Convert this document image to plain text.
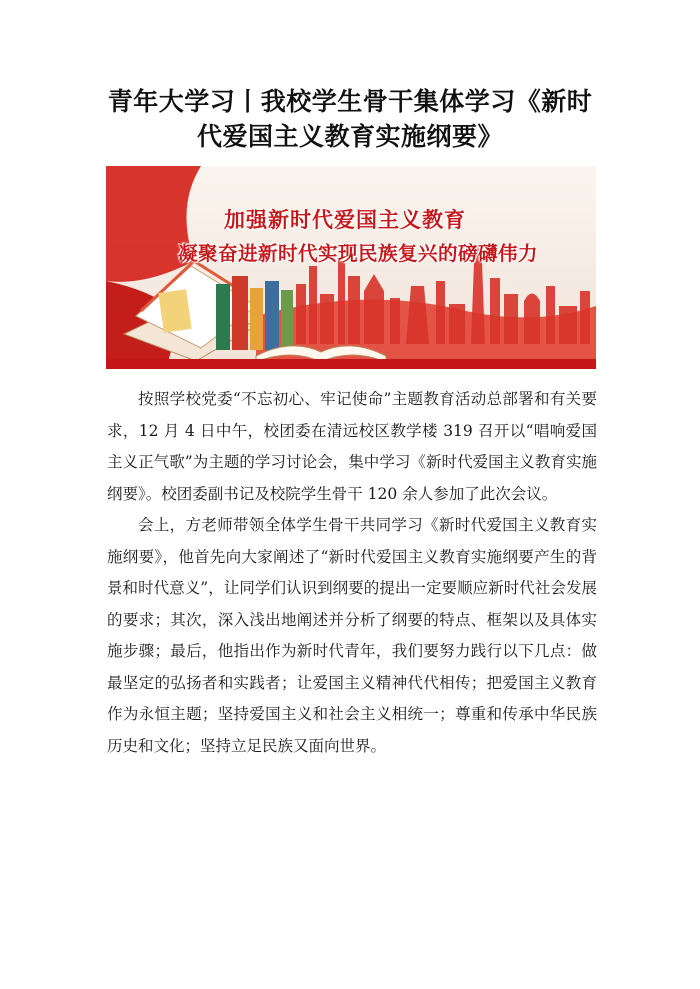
青年大学习丨我校学生骨干集体学习《新时
代爱国主义教育实施纲要》
加强新时代爱国主义教育
凝聚奋进新时代实现民族复兴的磅礴伟力

按照学校党委“不忘初心、牢记使命”主题教育活动总部署和有关要求，12 月 4 日中午，校团委在清远校区教学楼 319 召开以“唱响爱国主义正气歌”为主题的学习讨论会，集中学习《新时代爱国主义教育实施纲要》。校团委副书记及校院学生骨干 120 余人参加了此次会议。

会上，方老师带领全体学生骨干共同学习《新时代爱国主义教育实施纲要》，他首先向大家阐述了“新时代爱国主义教育实施纲要产生的背景和时代意义”，让同学们认识到纲要的提出一定要顺应新时代社会发展的要求；其次，深入浅出地阐述并分析了纲要的特点、框架以及具体实施步骤；最后，他指出作为新时代青年，我们要努力践行以下几点：做最坚定的弘扬者和实践者；让爱国主义精神代代相传；把爱国主义教育作为永恒主题；坚持爱国主义和社会主义相统一；尊重和传承中华民族历史和文化；坚持立足民族又面向世界。
